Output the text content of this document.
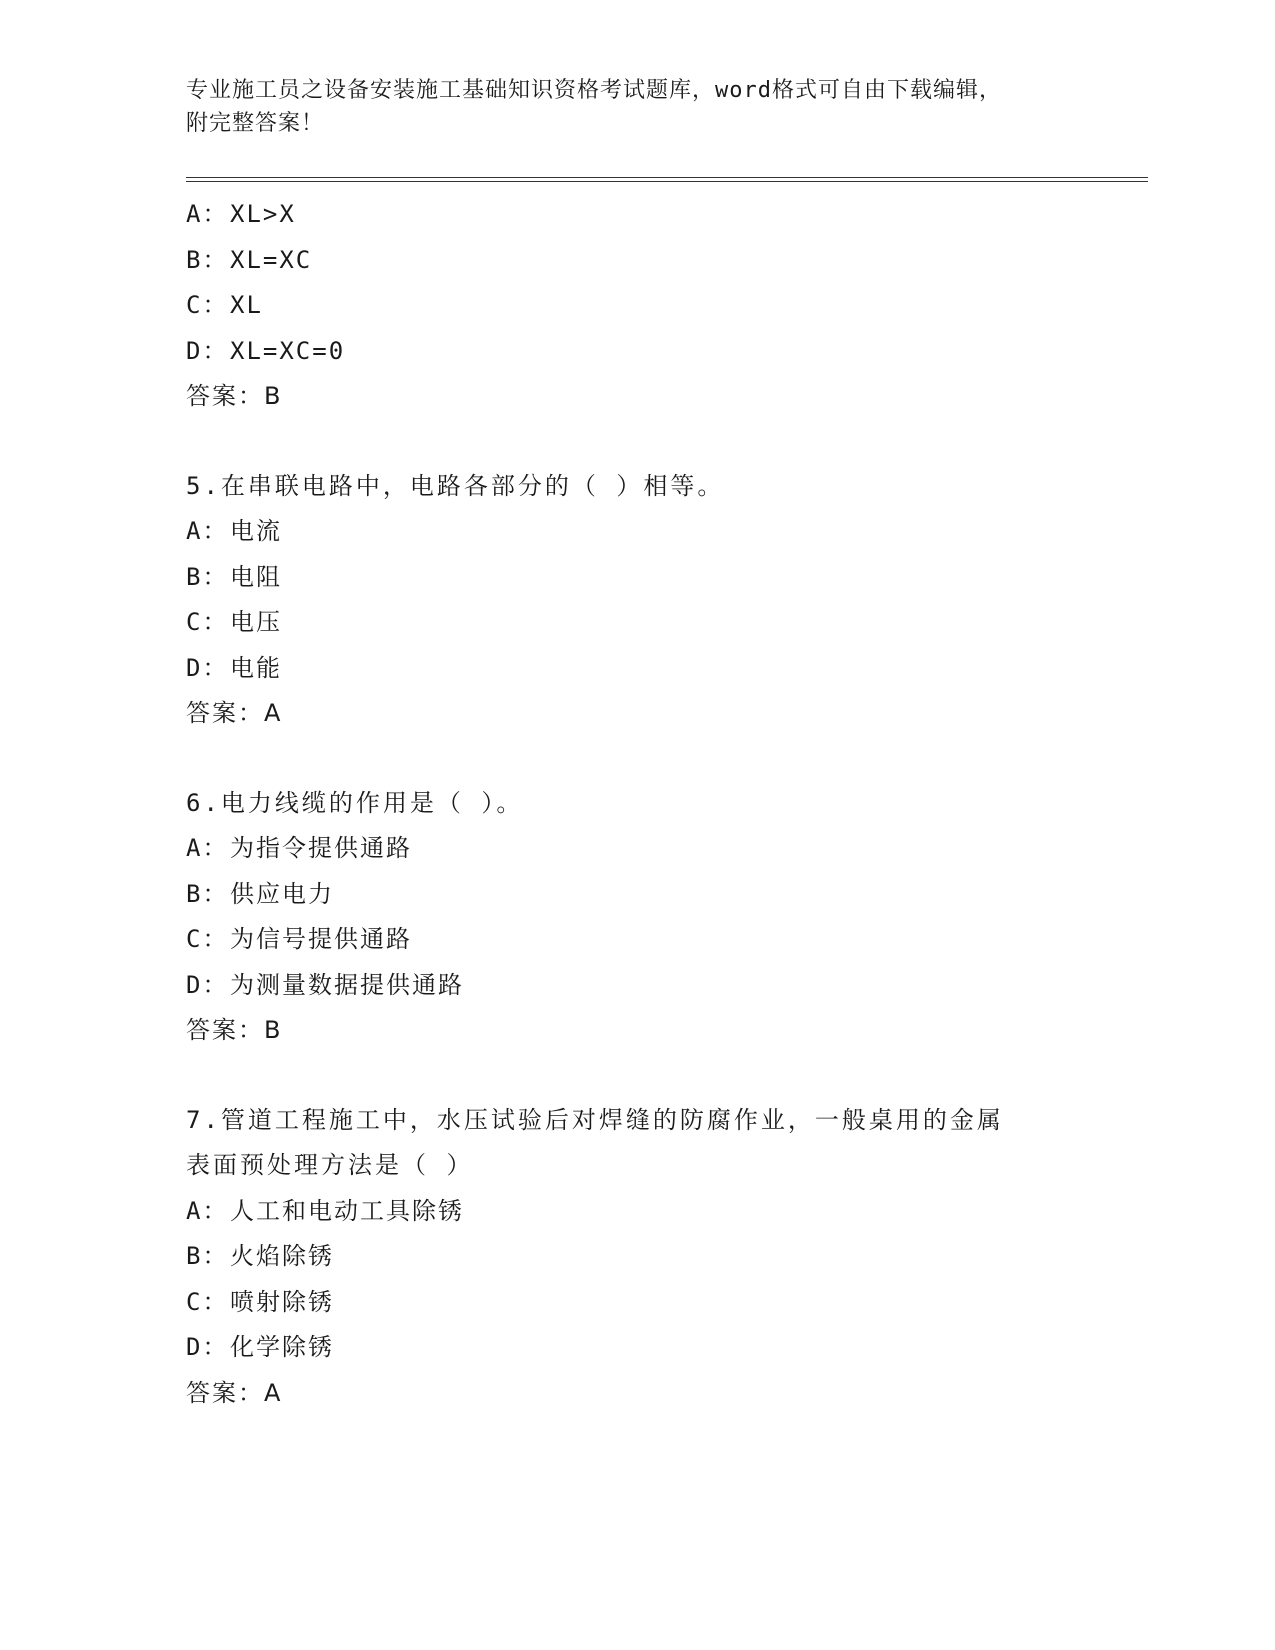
专业施工员之设备安装施工基础知识资格考试题库，word格式可自由下载编辑，
附完整答案！
A：XL>X
B：XL=XC
C：XL
D：XL=XC=0
答案：B
5.在串联电路中，电路各部分的（ ）相等。
A：电流
B：电阻
C：电压
D：电能
答案：A
6.电力线缆的作用是（ ）。
A：为指令提供通路
B：供应电力
C：为信号提供通路
D：为测量数据提供通路
答案：B
7.管道工程施工中，水压试验后对焊缝的防腐作业，一般桌用的金属
表面预处理方法是（ ）
A：人工和电动工具除锈
B：火焰除锈
C：喷射除锈
D：化学除锈
答案：A
